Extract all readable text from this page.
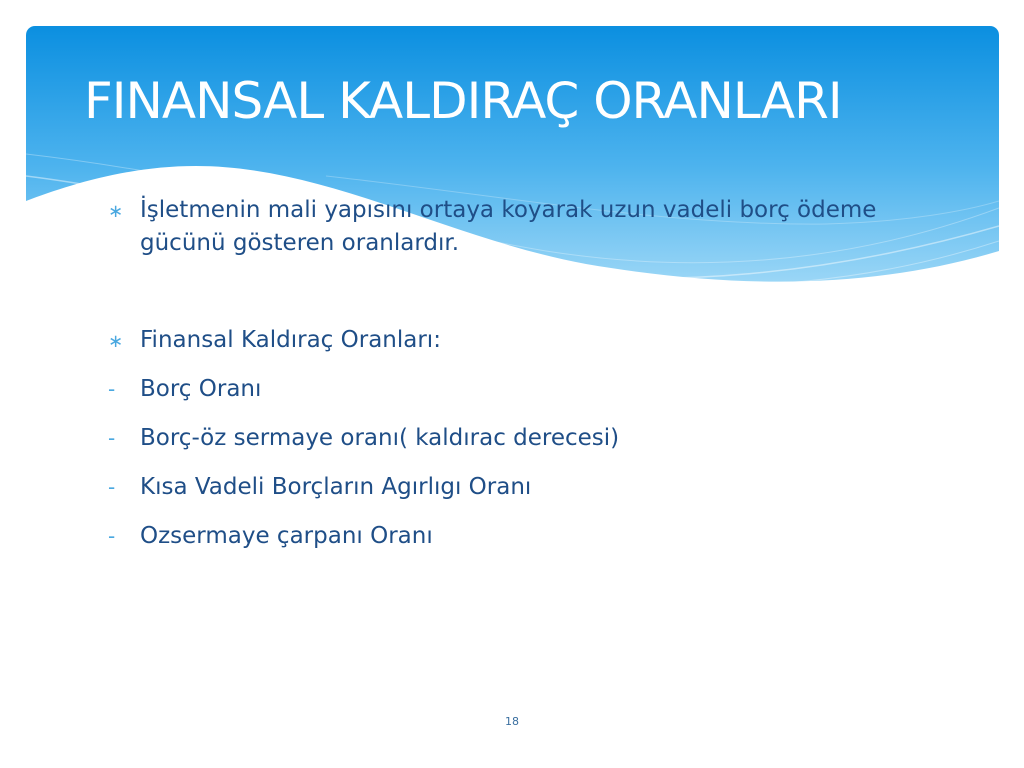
FINANSAL KALDIRAÇ ORANLARI
∗ İşletmenin mali yapısını ortaya koyarak uzun vadeli borç ödeme gücünü gösteren oranlardır.
∗ Finansal Kaldıraç Oranları:
-	Borç Oranı
-	Borç-öz sermaye oranı( kaldırac derecesi)
-	Kısa Vadeli Borçların Agırlıgı Oranı
-	Ozsermaye çarpanı Oranı
18
